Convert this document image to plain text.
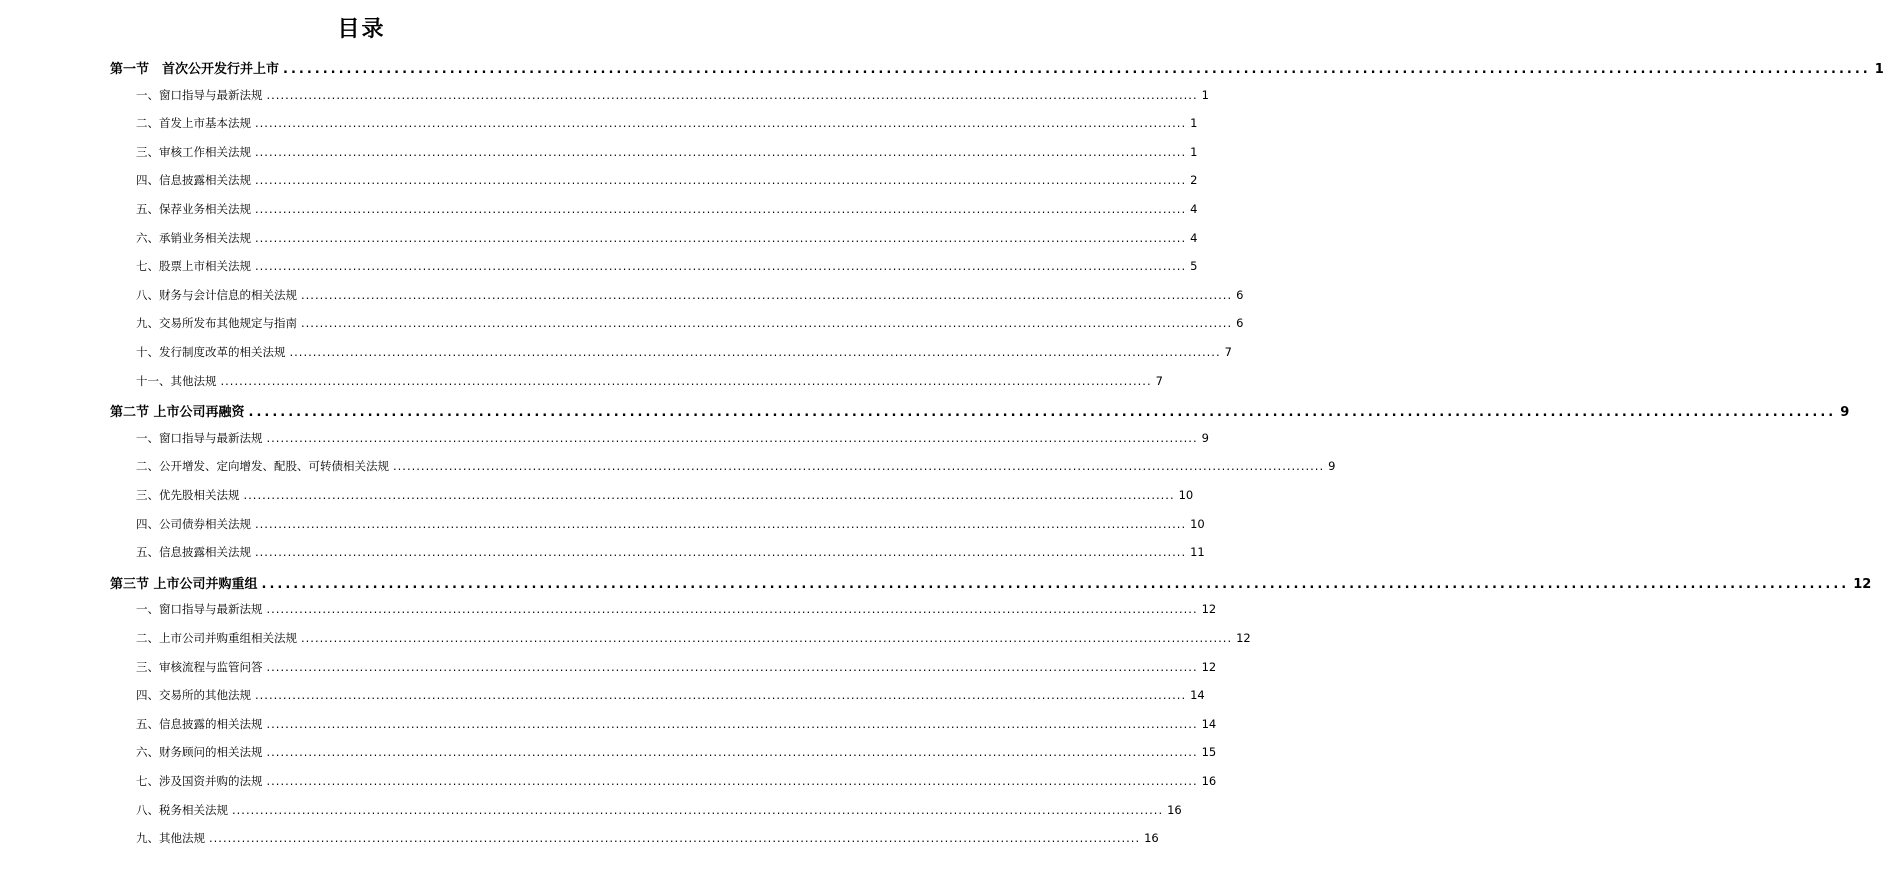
目录
第一节　首次公开发行并上市 ........................................................................................................................................................................................................ 1
一、窗口指导与最新法规 ........................................................................................................................................................................................................ 1
二、首发上市基本法规 ........................................................................................................................................................................................................ 1
三、审核工作相关法规 ........................................................................................................................................................................................................ 1
四、信息披露相关法规 ........................................................................................................................................................................................................ 2
五、保荐业务相关法规 ........................................................................................................................................................................................................ 4
六、承销业务相关法规 ........................................................................................................................................................................................................ 4
七、股票上市相关法规 ........................................................................................................................................................................................................ 5
八、财务与会计信息的相关法规 ........................................................................................................................................................................................................ 6
九、交易所发布其他规定与指南 ........................................................................................................................................................................................................ 6
十、发行制度改革的相关法规 ........................................................................................................................................................................................................ 7
十一、其他法规 ........................................................................................................................................................................................................ 7
第二节 上市公司再融资 ........................................................................................................................................................................................................ 9
一、窗口指导与最新法规 ........................................................................................................................................................................................................ 9
二、公开增发、定向增发、配股、可转债相关法规 ........................................................................................................................................................................................................ 9
三、优先股相关法规 ........................................................................................................................................................................................................ 10
四、公司债券相关法规 ........................................................................................................................................................................................................ 10
五、信息披露相关法规 ........................................................................................................................................................................................................ 11
第三节 上市公司并购重组 ........................................................................................................................................................................................................ 12
一、窗口指导与最新法规 ........................................................................................................................................................................................................ 12
二、上市公司并购重组相关法规 ........................................................................................................................................................................................................ 12
三、审核流程与监管问答 ........................................................................................................................................................................................................ 12
四、交易所的其他法规 ........................................................................................................................................................................................................ 14
五、信息披露的相关法规 ........................................................................................................................................................................................................ 14
六、财务顾问的相关法规 ........................................................................................................................................................................................................ 15
七、涉及国资并购的法规 ........................................................................................................................................................................................................ 16
八、税务相关法规 ........................................................................................................................................................................................................ 16
九、其他法规 ........................................................................................................................................................................................................ 16
